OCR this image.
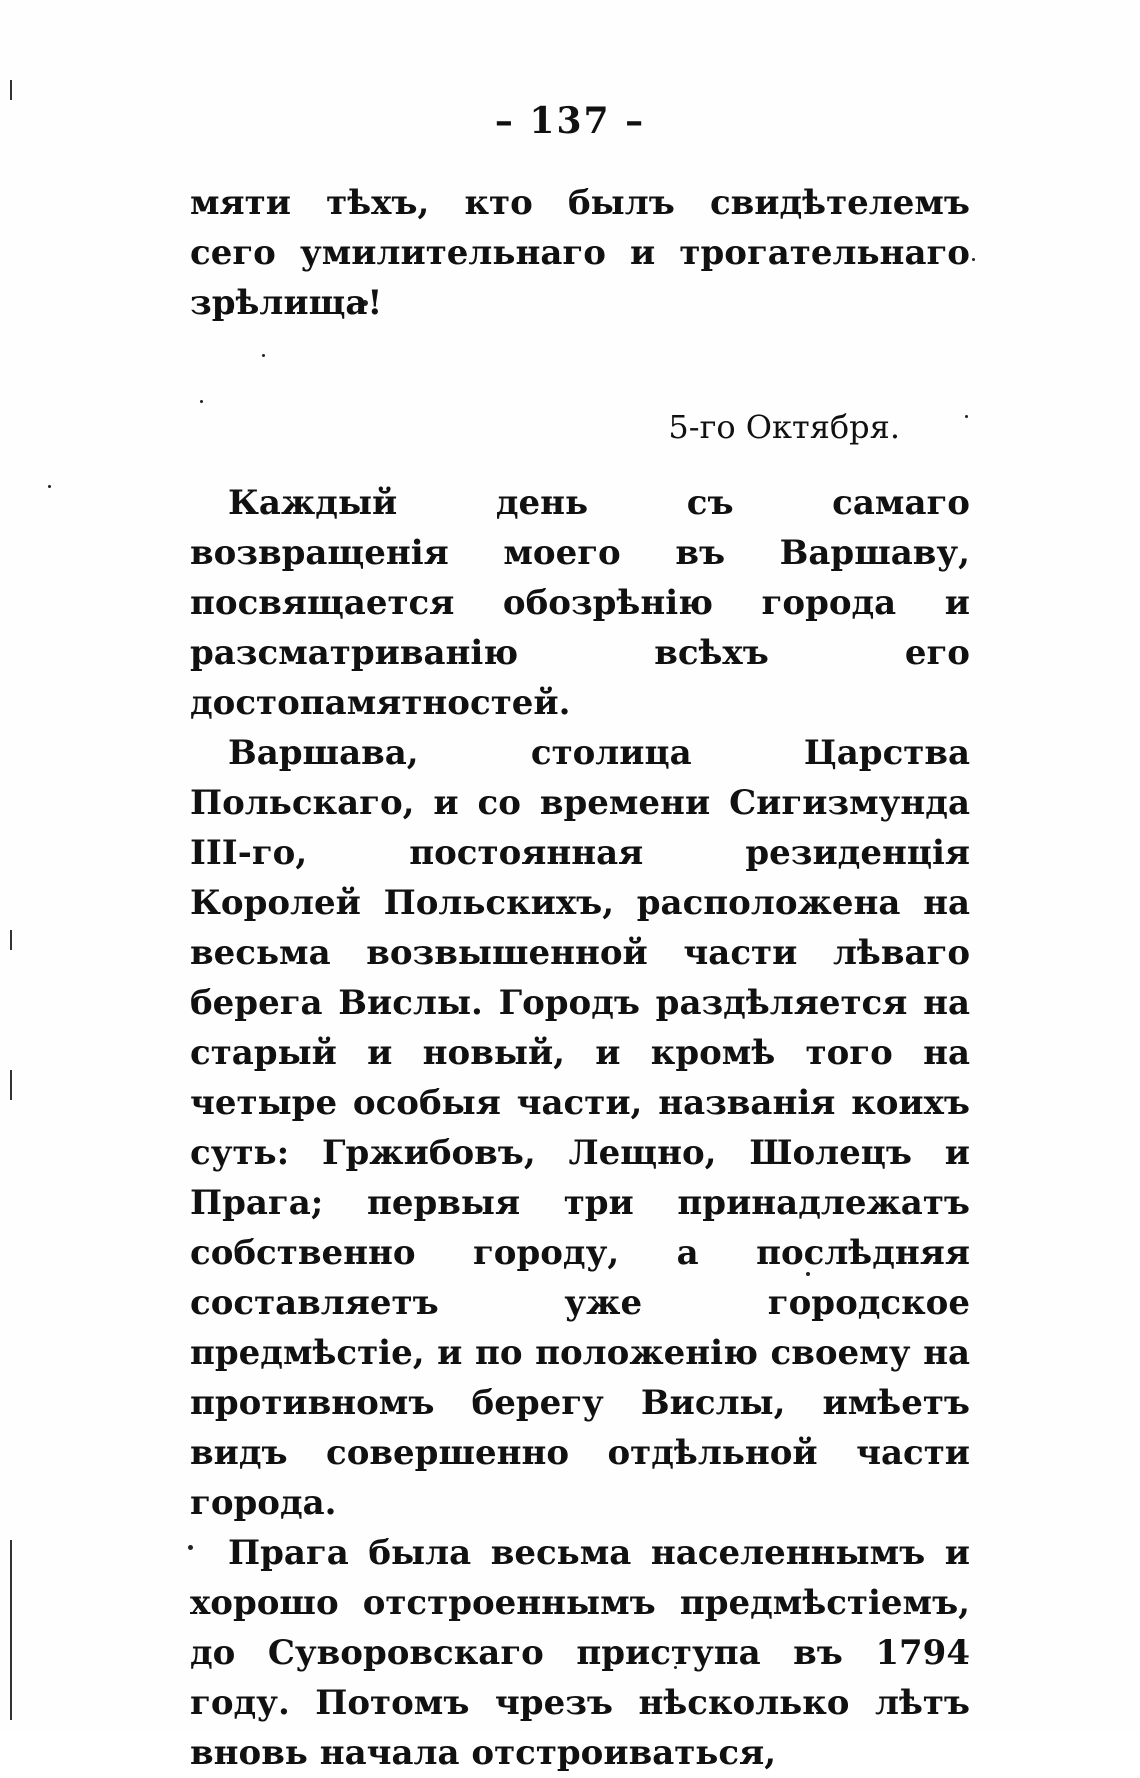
– 137 –

мяти тѣхъ, кто былъ свидѣтелемъ сего умилительнаго и трогательнаго зрѣлища!

5-го Октября.

Каждый день съ самаго возвращенія моего въ Варшаву, посвящается обозрѣнію города и разсматриванію всѣхъ его достопамятностей.

Варшава, столица Царства Польскаго, и со времени Сигизмунда III-го, постоянная резиденція Королей Польскихъ, расположена на весьма возвышенной части лѣваго берега Вислы. Городъ раздѣляется на старый и новый, и кромѣ того на четыре особыя части, названія коихъ суть: Гржибовъ, Лещно, Шолецъ и Прага; первыя три принадлежатъ собственно городу, а послѣдняя составляетъ уже городское предмѣстіе, и по положенію своему на противномъ берегу Вислы, имѣетъ видъ совершенно отдѣльной части города.

Прага была весьма населеннымъ и хорошо отстроеннымъ предмѣстіемъ, до Суворовскаго приступа въ 1794 году. Потомъ чрезъ нѣсколько лѣтъ вновь начала отстроиваться,
